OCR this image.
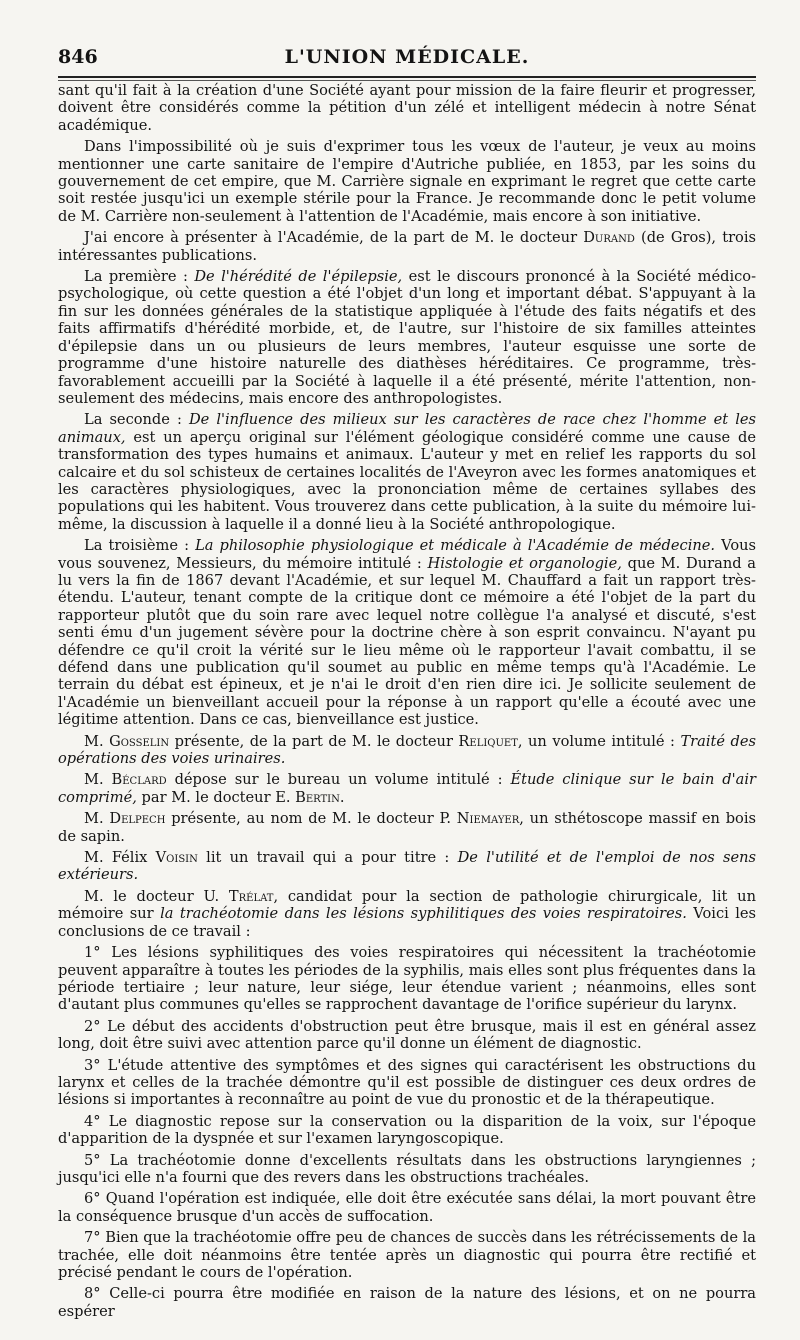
846	L'UNION MÉDICALE.

sant qu'il fait à la création d'une Société ayant pour mission de la faire fleurir et progresser, doivent être considérés comme la pétition d'un zélé et intelligent médecin à notre Sénat académique.

Dans l'impossibilité où je suis d'exprimer tous les vœux de l'auteur, je veux au moins mentionner une carte sanitaire de l'empire d'Autriche publiée, en 1853, par les soins du gouvernement de cet empire, que M. Carrière signale en exprimant le regret que cette carte soit restée jusqu'ici un exemple stérile pour la France. Je recommande donc le petit volume de M. Carrière non-seulement à l'attention de l'Académie, mais encore à son initiative.

J'ai encore à présenter à l'Académie, de la part de M. le docteur Durand (de Gros), trois intéressantes publications.

La première : De l'hérédité de l'épilepsie, est le discours prononcé à la Société médico-psychologique, où cette question a été l'objet d'un long et important débat. S'appuyant à la fin sur les données générales de la statistique appliquée à l'étude des faits négatifs et des faits affirmatifs d'hérédité morbide, et, de l'autre, sur l'histoire de six familles atteintes d'épilepsie dans un ou plusieurs de leurs membres, l'auteur esquisse une sorte de programme d'une histoire naturelle des diathèses héréditaires. Ce programme, très-favorablement accueilli par la Société à laquelle il a été présenté, mérite l'attention, non-seulement des médecins, mais encore des anthropologistes.

La seconde : De l'influence des milieux sur les caractères de race chez l'homme et les animaux, est un aperçu original sur l'élément géologique considéré comme une cause de transformation des types humains et animaux. L'auteur y met en relief les rapports du sol calcaire et du sol schisteux de certaines localités de l'Aveyron avec les formes anatomiques et les caractères physiologiques, avec la prononciation même de certaines syllabes des populations qui les habitent. Vous trouverez dans cette publication, à la suite du mémoire lui-même, la discussion à laquelle il a donné lieu à la Société anthropologique.

La troisième : La philosophie physiologique et médicale à l'Académie de médecine. Vous vous souvenez, Messieurs, du mémoire intitulé : Histologie et organologie, que M. Durand a lu vers la fin de 1867 devant l'Académie, et sur lequel M. Chauffard a fait un rapport très-étendu. L'auteur, tenant compte de la critique dont ce mémoire a été l'objet de la part du rapporteur plutôt que du soin rare avec lequel notre collègue l'a analysé et discuté, s'est senti ému d'un jugement sévère pour la doctrine chère à son esprit convaincu. N'ayant pu défendre ce qu'il croit la vérité sur le lieu même où le rapporteur l'avait combattu, il se défend dans une publication qu'il soumet au public en même temps qu'à l'Académie. Le terrain du débat est épineux, et je n'ai le droit d'en rien dire ici. Je sollicite seulement de l'Académie un bienveillant accueil pour la réponse à un rapport qu'elle a écouté avec une légitime attention. Dans ce cas, bienveillance est justice.

M. Gosselin présente, de la part de M. le docteur Reliquet, un volume intitulé : Traité des opérations des voies urinaires.

M. Béclard dépose sur le bureau un volume intitulé : Étude clinique sur le bain d'air comprimé, par M. le docteur E. Bertin.

M. Delpech présente, au nom de M. le docteur P. Niemayer, un sthétoscope massif en bois de sapin.

M. Félix Voisin lit un travail qui a pour titre : De l'utilité et de l'emploi de nos sens extérieurs.

M. le docteur U. Trélat, candidat pour la section de pathologie chirurgicale, lit un mémoire sur la trachéotomie dans les lésions syphilitiques des voies respiratoires. Voici les conclusions de ce travail :

1° Les lésions syphilitiques des voies respiratoires qui nécessitent la trachéotomie peuvent apparaître à toutes les périodes de la syphilis, mais elles sont plus fréquentes dans la période tertiaire ; leur nature, leur siége, leur étendue varient ; néanmoins, elles sont d'autant plus communes qu'elles se rapprochent davantage de l'orifice supérieur du larynx.

2° Le début des accidents d'obstruction peut être brusque, mais il est en général assez long, doit être suivi avec attention parce qu'il donne un élément de diagnostic.

3° L'étude attentive des symptômes et des signes qui caractérisent les obstructions du larynx et celles de la trachée démontre qu'il est possible de distinguer ces deux ordres de lésions si importantes à reconnaître au point de vue du pronostic et de la thérapeutique.

4° Le diagnostic repose sur la conservation ou la disparition de la voix, sur l'époque d'apparition de la dyspnée et sur l'examen laryngoscopique.

5° La trachéotomie donne d'excellents résultats dans les obstructions laryngiennes ; jusqu'ici elle n'a fourni que des revers dans les obstructions trachéales.

6° Quand l'opération est indiquée, elle doit être exécutée sans délai, la mort pouvant être la conséquence brusque d'un accès de suffocation.

7° Bien que la trachéotomie offre peu de chances de succès dans les rétrécissements de la trachée, elle doit néanmoins être tentée après un diagnostic qui pourra être rectifié et précisé pendant le cours de l'opération.

8° Celle-ci pourra être modifiée en raison de la nature des lésions, et on ne pourra espérer
